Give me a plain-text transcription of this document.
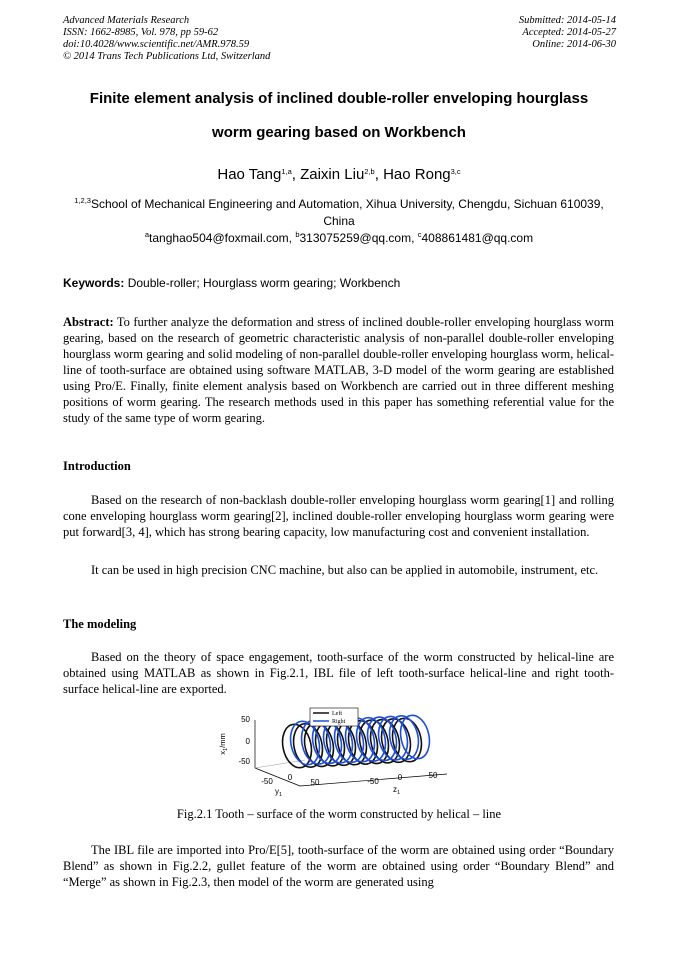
Advanced Materials Research
ISSN: 1662-8985, Vol. 978, pp 59-62
doi:10.4028/www.scientific.net/AMR.978.59
© 2014 Trans Tech Publications Ltd, Switzerland
Submitted: 2014-05-14
Accepted: 2014-05-27
Online: 2014-06-30
Finite element analysis of inclined double-roller enveloping hourglass
worm gearing based on Workbench
Hao Tang$^{1,a}$, Zaixin Liu$^{2,b}$, Hao Rong$^{3,c}$
$^{1,2,3}$School of Mechanical Engineering and Automation, Xihua University, Chengdu, Sichuan 610039, China
$^a$tanghao504@foxmail.com, $^b$313075259@qq.com, $^c$408861481@qq.com
Keywords: Double-roller; Hourglass worm gearing; Workbench
Abstract: To further analyze the deformation and stress of inclined double-roller enveloping hourglass worm gearing, based on the research of geometric characteristic analysis of non-parallel double-roller enveloping hourglass worm gearing and solid modeling of non-parallel double-roller enveloping hourglass worm, helical-line of tooth-surface are obtained using software MATLAB, 3-D model of the worm gearing are established using Pro/E. Finally, finite element analysis based on Workbench are carried out in three different meshing positions of worm gearing. The research methods used in this paper has something referential value for the study of the same type of worm gearing.
Introduction
Based on the research of non-backlash double-roller enveloping hourglass worm gearing[1] and rolling cone enveloping hourglass worm gearing[2], inclined double-roller enveloping hourglass worm gearing were put forward[3, 4], which has strong bearing capacity, low manufacturing cost and convenient installation.
It can be used in high precision CNC machine, but also can be applied in automobile, instrument, etc.
The modeling
Based on the theory of space engagement, tooth-surface of the worm constructed by helical-line are obtained using MATLAB as shown in Fig.2.1, IBL file of left tooth-surface helical-line and right tooth-surface helical-line are exported.
50
0
-50
$x_1/mm$
-50 0
50
$y_1$
-50 0	50
$z_1$
Left
Right
Fig.2.1 Tooth – surface of the worm constructed by helical – line
The IBL file are imported into Pro/E[5], tooth-surface of the worm are obtained using order “Boundary Blend” as shown in Fig.2.2, gullet feature of the worm are obtained using order “Boundary Blend” and “Merge” as shown in Fig.2.3, then model of the worm are generated using
